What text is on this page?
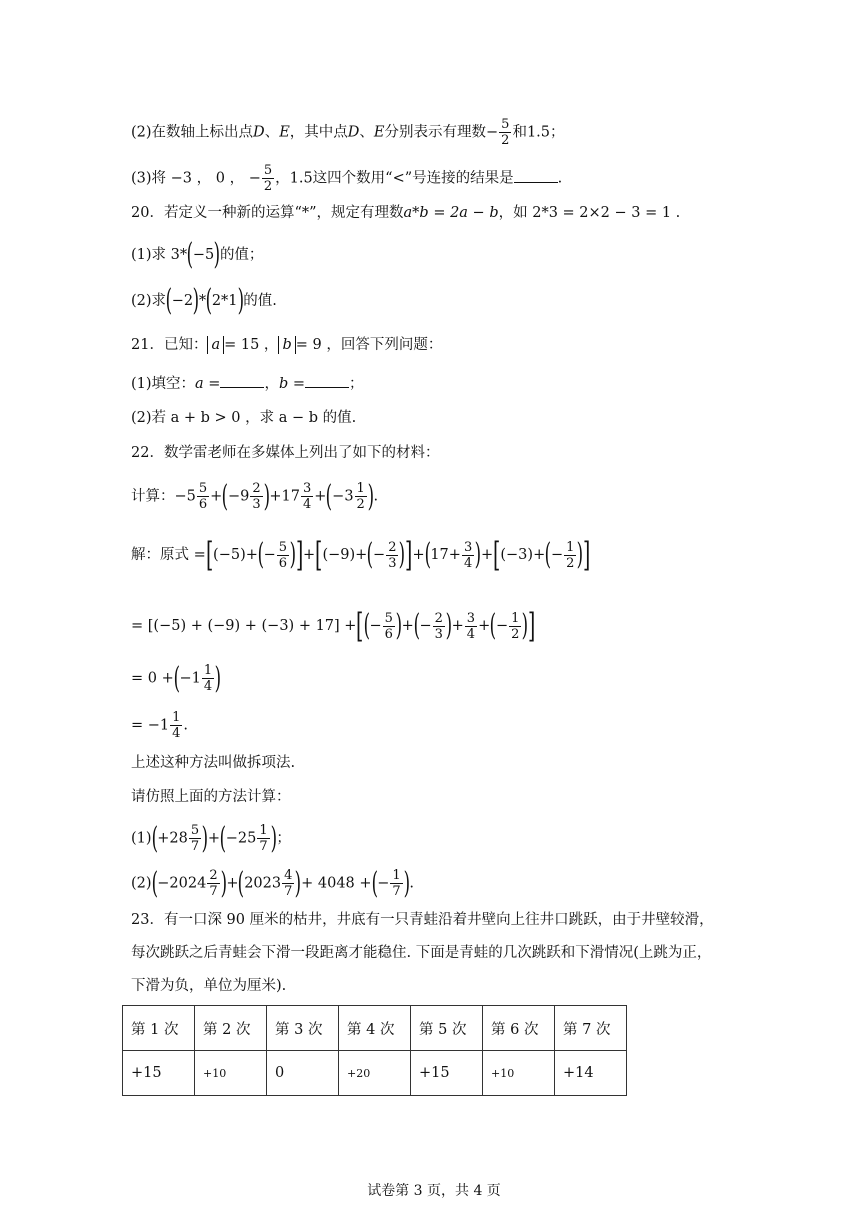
(2)在数轴上标出点D、E，其中点D、E分别表示有理数− $\frac{5}{2}$ 和1.5；
(3)将 −3 ， 0 ， − $\frac{5}{2}$ ，1.5这四个数用“<”号连接的结果是	.
20．若定义一种新的运算“*”，规定有理数a*b = 2a − b，如 2*3 = 2×2 − 3 = 1 .
(1)求 3*(−5)的值；
(2)求(−2)*(2*1)的值.
21．已知： a = 15 ， b = 9 ，回答下列问题：
(1)填空：a =	，b =	；
(2)若 a + b > 0 ，求 a − b 的值.
22．数学雷老师在多媒体上列出了如下的材料：
计算：$-5 \frac{5}{6} +(-9 \frac{2}{3} )+17 \frac{3}{4} +(-3 \frac{1}{2}$ ).
解：原式 $=[(-5)+(- \frac{5}{6} )]+[(-9)+(- \frac{2}{3} )]+(17+ \frac{3}{4} )+[(-3)+(- \frac{1}{2}$ )]
= [(−5) + (−9) + (−3) + 17] +[(− $\frac{5}{6}$ )+(− $\frac{2}{3}$ )+ $\frac{3}{4}$ +(− $\frac{1}{2}$ )]
= $0 +(-1 \frac{1}{4}$ )
= $-1 \frac{1}{4}$ .
上述这种方法叫做拆项法.
请仿照上面的方法计算：
$(1)(+28 \frac{5}{7} )+(-25 \frac{1}{7}$ )；
$(2)(-2024 \frac{2}{7} )+(2023 \frac{4}{7}$ )+ 4048 +(− $\frac{1}{7}$ ).
23．有一口深 90 厘米的枯井，井底有一只青蛙沿着井壁向上往井口跳跃，由于井壁较滑，
每次跳跃之后青蛙会下滑一段距离才能稳住. 下面是青蛙的几次跳跃和下滑情况(上跳为正，
下滑为负，单位为厘米).
第 1 次	第 2 次	第 3 次	第 4 次	第 5 次	第 6 次	第 7 次
+15	+10	0	+20	+15	+10	+14
试卷第 3 页，共 4 页
